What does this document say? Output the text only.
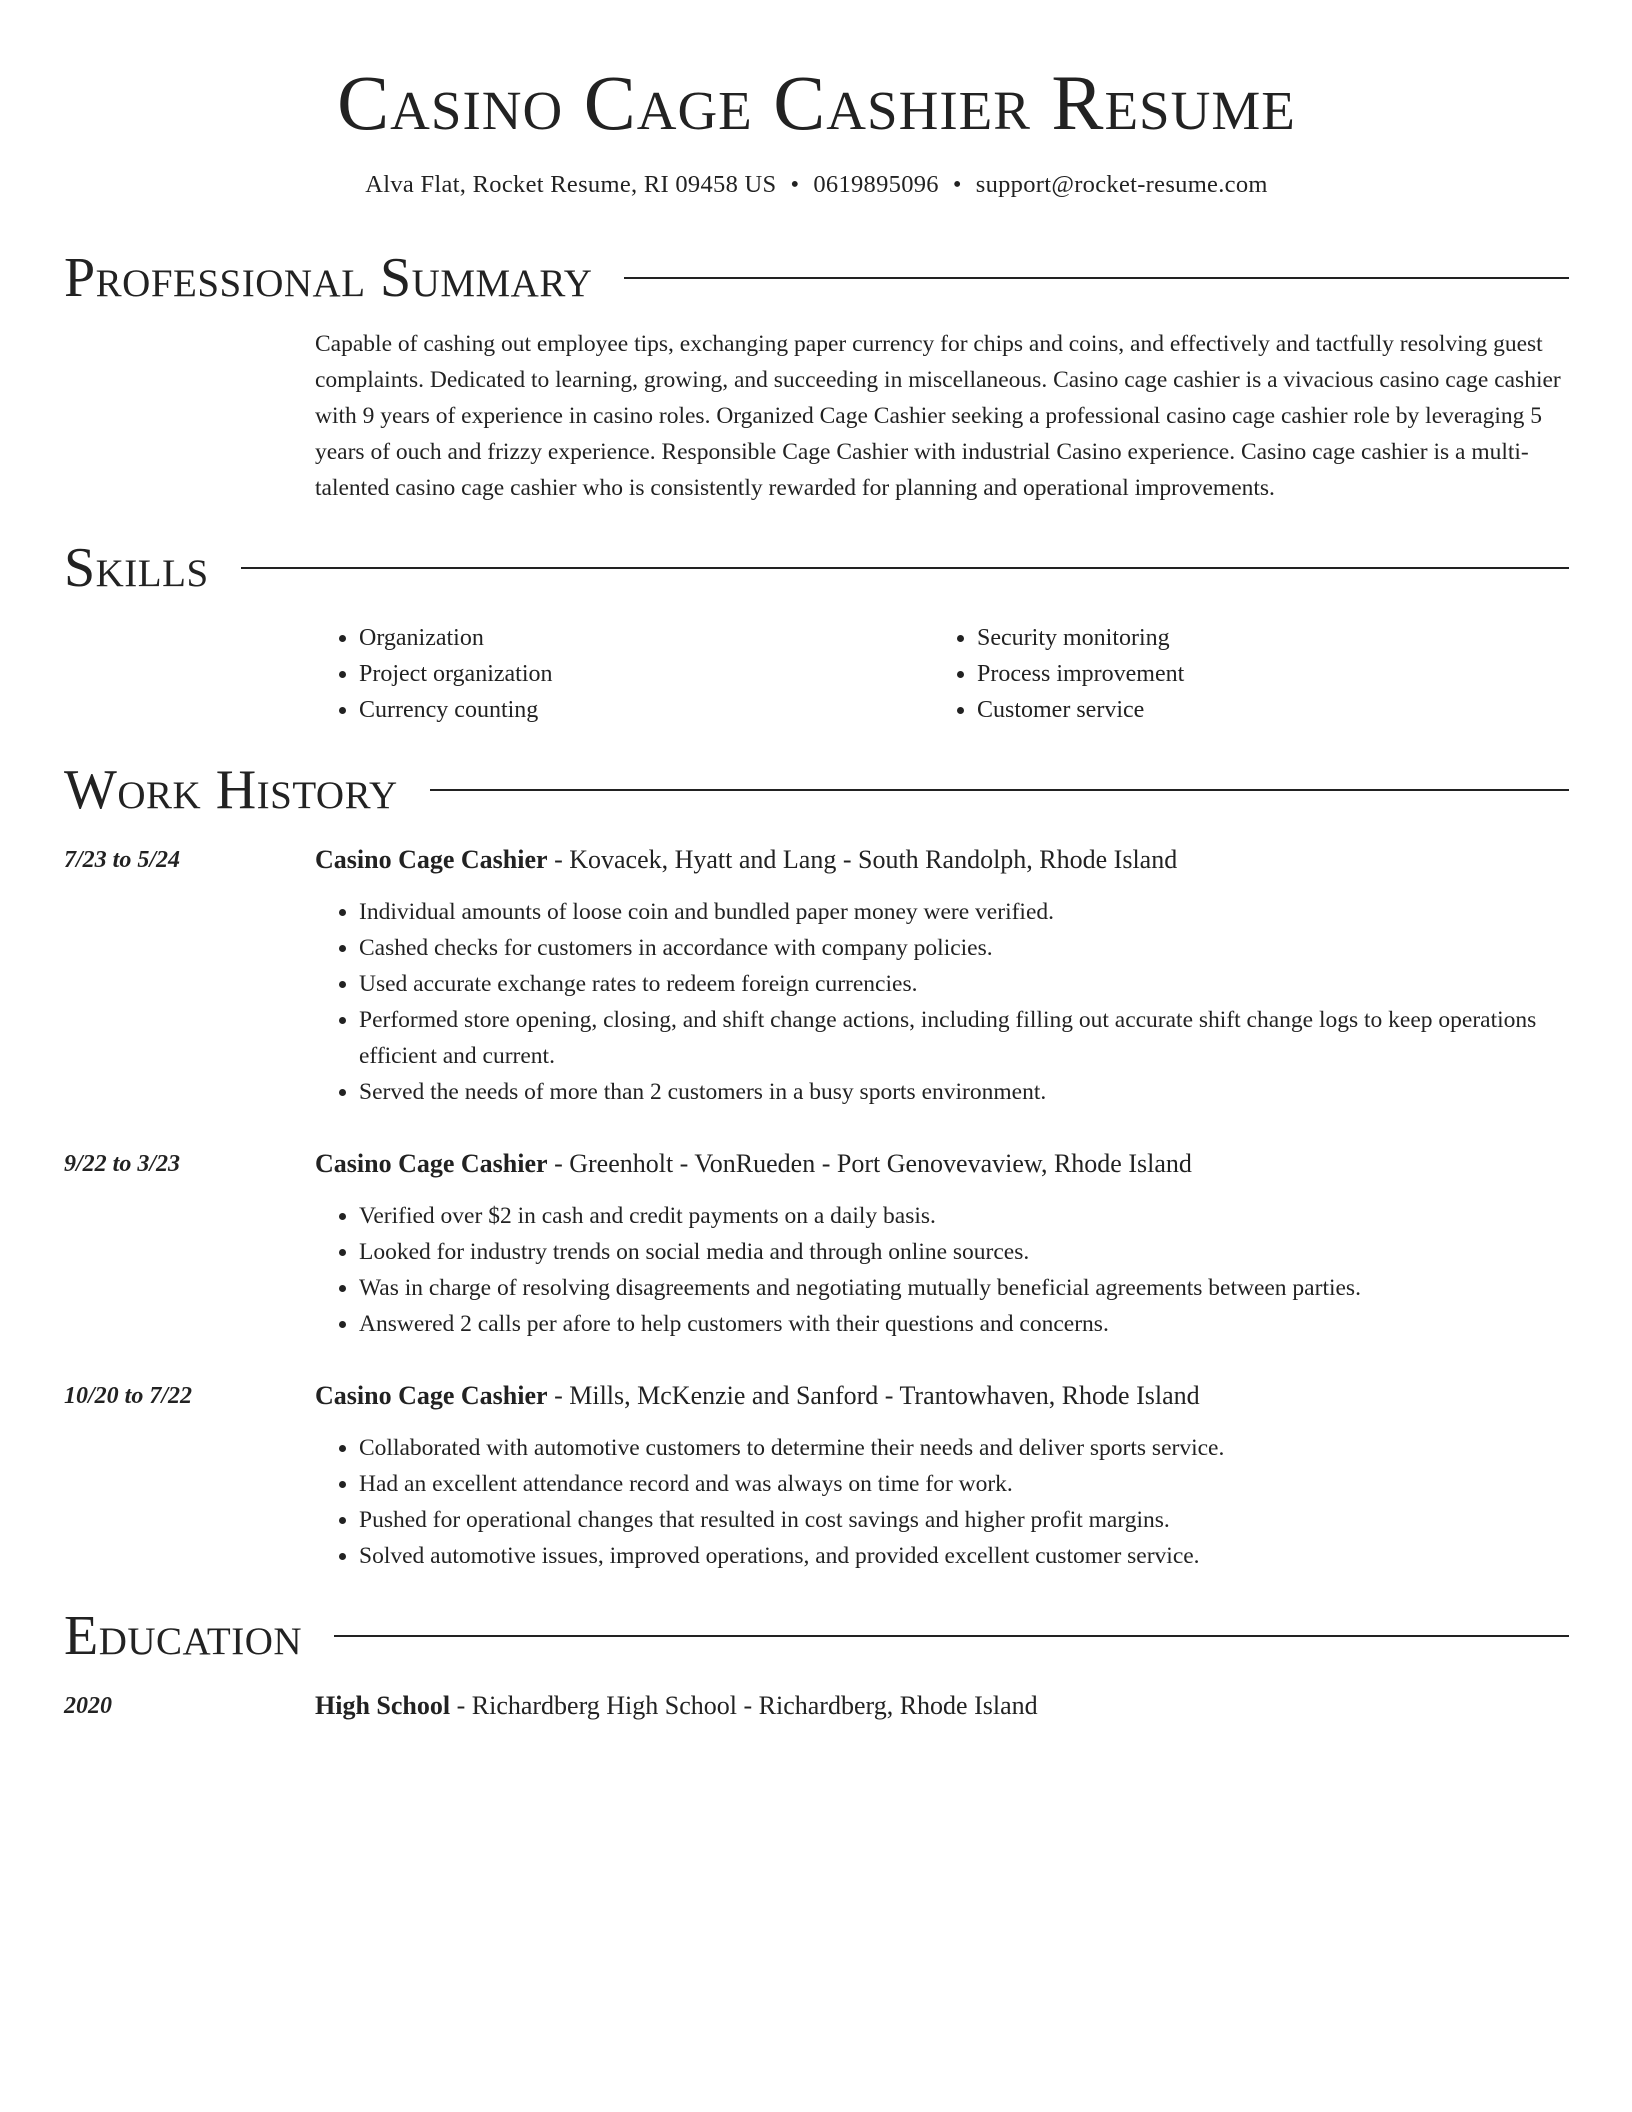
Casino Cage Cashier Resume
Alva Flat, Rocket Resume, RI 09458 US • 0619895096 • support@rocket-resume.com
Professional Summary
Capable of cashing out employee tips, exchanging paper currency for chips and coins, and effectively and tactfully resolving guest complaints. Dedicated to learning, growing, and succeeding in miscellaneous. Casino cage cashier is a vivacious casino cage cashier with 9 years of experience in casino roles. Organized Cage Cashier seeking a professional casino cage cashier role by leveraging 5 years of ouch and frizzy experience. Responsible Cage Cashier with industrial Casino experience. Casino cage cashier is a multi-talented casino cage cashier who is consistently rewarded for planning and operational improvements.
Skills
• Organization
• Project organization
• Currency counting
• Security monitoring
• Process improvement
• Customer service
Work History
7/23 to 5/24	Casino Cage Cashier - Kovacek, Hyatt and Lang - South Randolph, Rhode Island
• Individual amounts of loose coin and bundled paper money were verified.
• Cashed checks for customers in accordance with company policies.
• Used accurate exchange rates to redeem foreign currencies.
• Performed store opening, closing, and shift change actions, including filling out accurate shift change logs to keep operations efficient and current.
• Served the needs of more than 2 customers in a busy sports environment.
9/22 to 3/23	Casino Cage Cashier - Greenholt - VonRueden - Port Genovevaview, Rhode Island
• Verified over $2 in cash and credit payments on a daily basis.
• Looked for industry trends on social media and through online sources.
• Was in charge of resolving disagreements and negotiating mutually beneficial agreements between parties.
• Answered 2 calls per afore to help customers with their questions and concerns.
10/20 to 7/22	Casino Cage Cashier - Mills, McKenzie and Sanford - Trantowhaven, Rhode Island
• Collaborated with automotive customers to determine their needs and deliver sports service.
• Had an excellent attendance record and was always on time for work.
• Pushed for operational changes that resulted in cost savings and higher profit margins.
• Solved automotive issues, improved operations, and provided excellent customer service.
Education
2020	High School - Richardberg High School - Richardberg, Rhode Island
